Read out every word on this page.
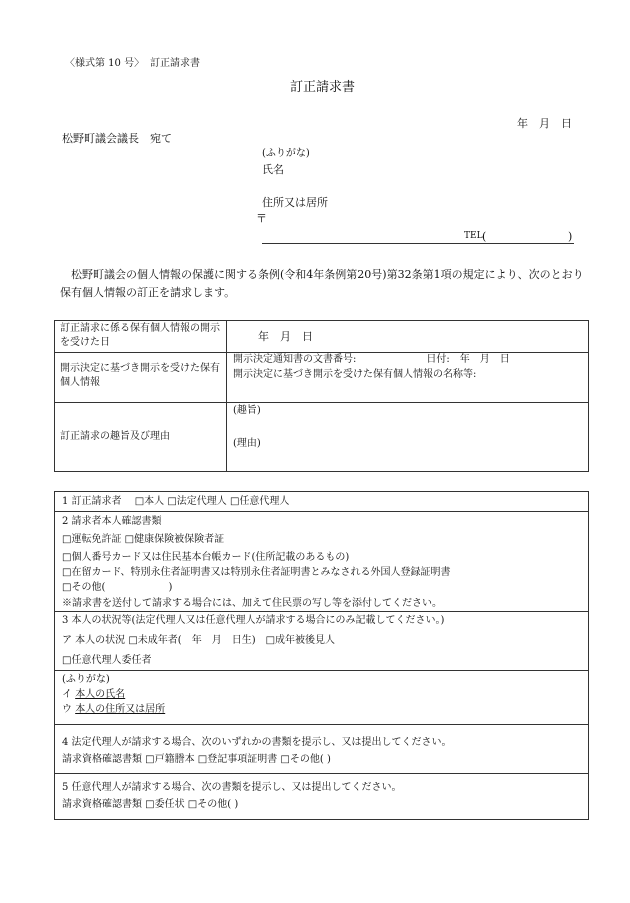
〈様式第 10 号〉 訂正請求書
訂正請求書
年　月　日
松野町議会議長　宛て
(ふりがな)
氏名
住所又は居所
〒
TEL (	)
松野町議会の個人情報の保護に関する条例(令和4年条例第20号)第32条第1項の規定により、次のとおり保有個人情報の訂正を請求します。
訂正請求に係る保有個人情報の開示を受けた日	年　月　日
開示決定に基づき開示を受けた保有個人情報
開示決定通知書の文書番号:　　　　　　　日付:　年　月　日
開示決定に基づき開示を受けた保有個人情報の名称等:
訂正請求の趣旨及び理由
(趣旨)
(理由)
1 訂正請求者　 □本人 □法定代理人 □任意代理人
2 請求者本人確認書類
□運転免許証 □健康保険被保険者証
□個人番号カード又は住民基本台帳カード(住所記載のあるもの)
□在留カード、特別永住者証明書又は特別永住者証明書とみなされる外国人登録証明書
□その他(　　　　　　 )
※請求書を送付して請求する場合には、加えて住民票の写し等を添付してください。
3 本人の状況等(法定代理人又は任意代理人が請求する場合にのみ記載してください。)
ア 本人の状況 □未成年者(　年　月　日生)　□成年被後見人
□任意代理人委任者
(ふりがな)
イ 本人の氏名
ウ 本人の住所又は居所
4 法定代理人が請求する場合、次のいずれかの書類を提示し、又は提出してください。
請求資格確認書類 □戸籍謄本 □登記事項証明書 □その他( )
5 任意代理人が請求する場合、次の書類を提示し、又は提出してください。
請求資格確認書類 □委任状 □その他( )
